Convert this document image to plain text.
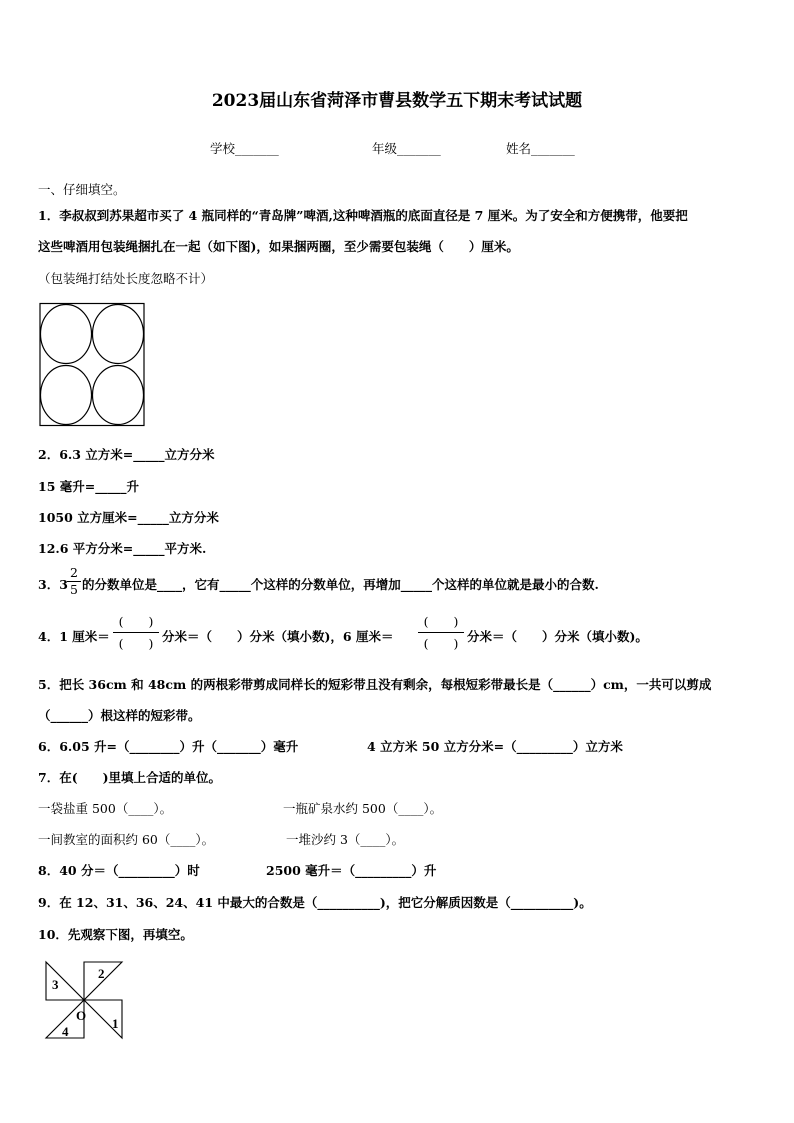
2023届山东省菏泽市曹县数学五下期末考试试题
学校_______	年级_______	姓名_______
一、仔细填空。
1．李叔叔到苏果超市买了 4 瓶同样的“青岛牌”啤酒,这种啤酒瓶的底面直径是 7 厘米。为了安全和方便携带，他要把
这些啤酒用包装绳捆扎在一起（如下图)，如果捆两圈，至少需要包装绳（　　）厘米。
（包装绳打结处长度忽略不计）
2．6.3 立方米=_____立方分米
15 毫升=_____升
1050 立方厘米=_____立方分米
12.6 平方分米=_____平方米.
3．3
2
5 的分数单位是____，它有_____个这样的分数单位，再增加_____个这样的单位就是最小的合数.
4．1 厘米＝
(　　)
(　　) 分米＝（　　）分米（填小数)，6 厘米＝
(　　)
(　　) 分米＝（　　）分米（填小数)。
5．把长 36cm 和 48cm 的两根彩带剪成同样长的短彩带且没有剩余，每根短彩带最长是（______）cm，一共可以剪成
（______）根这样的短彩带。
6．6.05 升=（________）升（_______）毫升	4 立方米 50 立方分米=（_________）立方米
7．在(　　)里填上合适的单位。
一袋盐重 500（____）。	一瓶矿泉水约 500（____）。
一间教室的面积约 60（____）。	一堆沙约 3（____）。
8．40 分＝（_________）时	2500 毫升＝（_________）升
9．在 12、31、36、24、41 中最大的合数是（__________)，把它分解质因数是（__________)。
10．先观察下图，再填空。
2
3
4
1
O
